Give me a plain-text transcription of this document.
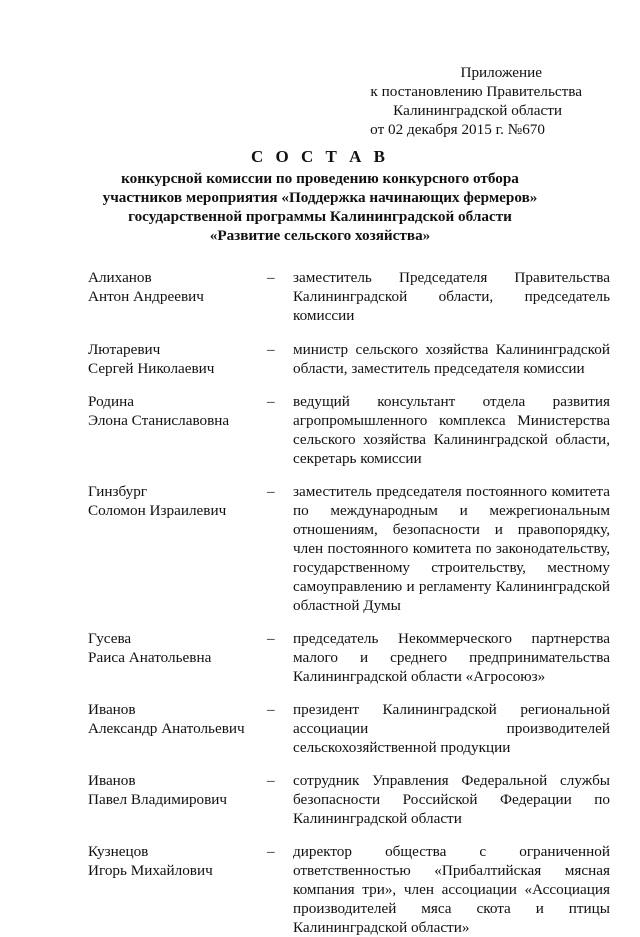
Приложение
к постановлению Правительства
Калининградской области
от 02 декабря 2015 г. №670
С О С Т А В
конкурсной комиссии по проведению конкурсного отбора
участников мероприятия «Поддержка начинающих фермеров»
государственной программы Калининградской области
«Развитие сельского хозяйства»
Алиханов
Антон Андреевич
–	заместитель Председателя Правительства Калининградской области, председатель комиссии
Лютаревич
Сергей Николаевич
–	министр сельского хозяйства Калининградской области, заместитель председателя комиссии
Родина
Элона Станиславовна
–	ведущий консультант отдела развития агропромышленного комплекса Министерства сельского хозяйства Калининградской области, секретарь комиссии
Гинзбург
Соломон Израилевич
–	заместитель председателя постоянного комитета по международным и межрегиональным отношениям, безопасности и правопорядку, член постоянного комитета по законодательству, государственному строительству, местному самоуправлению и регламенту Калининградской областной Думы
Гусева
Раиса Анатольевна
–	председатель Некоммерческого партнерства малого и среднего предпринимательства Калининградской области «Агросоюз»
Иванов
Александр Анатольевич
–	президент Калининградской региональной ассоциации производителей сельскохозяйственной продукции
Иванов
Павел Владимирович
–	сотрудник Управления Федеральной службы безопасности Российской Федерации по Калининградской области
Кузнецов
Игорь Михайлович
–	директор общества с ограниченной ответственностью «Прибалтийская мясная компания три», член ассоциации «Ассоциация производителей мяса скота и птицы Калининградской области»
